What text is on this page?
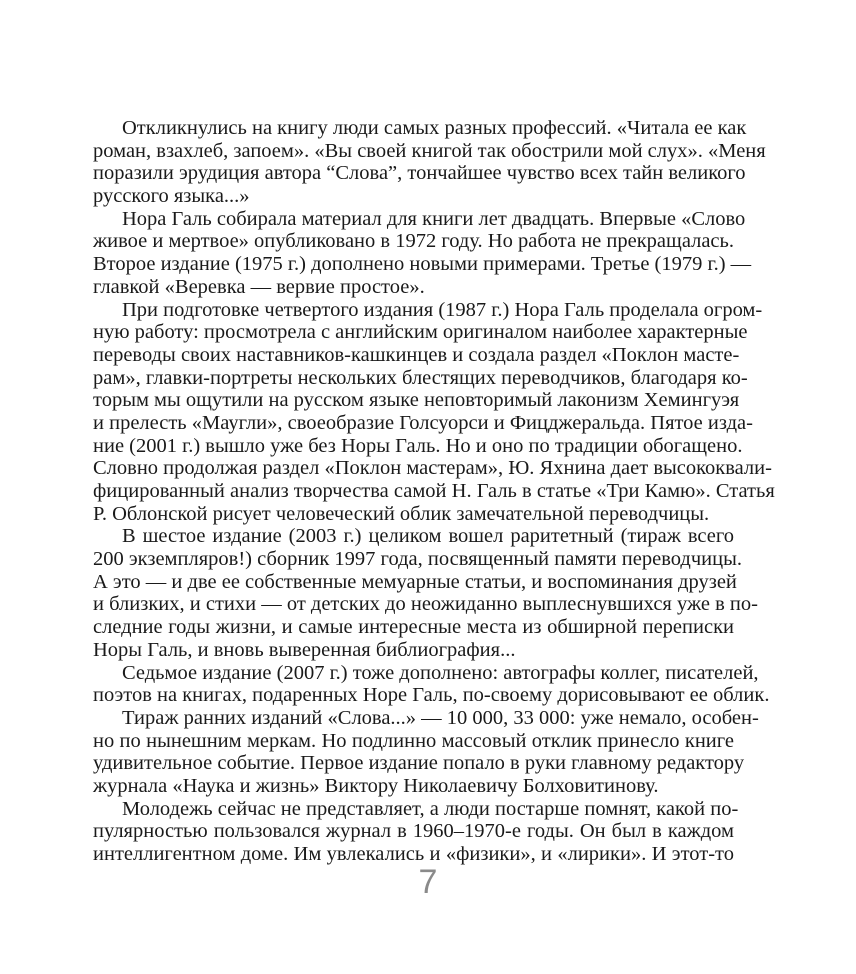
Откликнулись на книгу люди самых разных профессий. «Читала ее как
роман, взахлеб, запоем». «Вы своей книгой так обострили мой слух». «Меня
поразили эрудиция автора “Слова”, тончайшее чувство всех тайн великого
русского языка...»
Нора Галь собирала материал для книги лет двадцать. Впервые «Слово
живое и мертвое» опубликовано в 1972 году. Но работа не прекращалась.
Второе издание (1975 г.) дополнено новыми примерами. Третье (1979 г.) —
главкой «Веревка — вервие простое».
При подготовке четвертого издания (1987 г.) Нора Галь проделала огром-
ную работу: просмотрела с английским оригиналом наиболее характерные
переводы своих наставников-кашкинцев и создала раздел «Поклон масте-
рам», главки-портреты нескольких блестящих переводчиков, благодаря ко-
торым мы ощутили на русском языке неповторимый лаконизм Хемингуэя
и прелесть «Маугли», своеобразие Голсуорси и Фицджеральда. Пятое изда-
ние (2001 г.) вышло уже без Норы Галь. Но и оно по традиции обогащено.
Словно продолжая раздел «Поклон мастерам», Ю. Яхнина дает высококвали-
фицированный анализ творчества самой Н. Галь в статье «Три Камю». Статья
Р. Облонской рисует человеческий облик замечательной переводчицы.
В шестое издание (2003 г.) целиком вошел раритетный (тираж всего
200 экземпляров!) сборник 1997 года, посвященный памяти переводчицы.
А это — и две ее собственные мемуарные статьи, и воспоминания друзей
и близких, и стихи — от детских до неожиданно выплеснувшихся уже в по-
следние годы жизни, и самые интересные места из обширной переписки
Норы Галь, и вновь выверенная библиография...
Седьмое издание (2007 г.) тоже дополнено: автографы коллег, писателей,
поэтов на книгах, подаренных Норе Галь, по-своему дорисовывают ее облик.
Тираж ранних изданий «Слова...» — 10 000, 33 000: уже немало, особен-
но по нынешним меркам. Но подлинно массовый отклик принесло книге
удивительное событие. Первое издание попало в руки главному редактору
журнала «Наука и жизнь» Виктору Николаевичу Болховитинову.
Молодежь сейчас не представляет, а люди постарше помнят, какой по-
пулярностью пользовался журнал в 1960–1970-е годы. Он был в каждом
интеллигентном доме. Им увлекались и «физики», и «лирики». И этот-то
7
